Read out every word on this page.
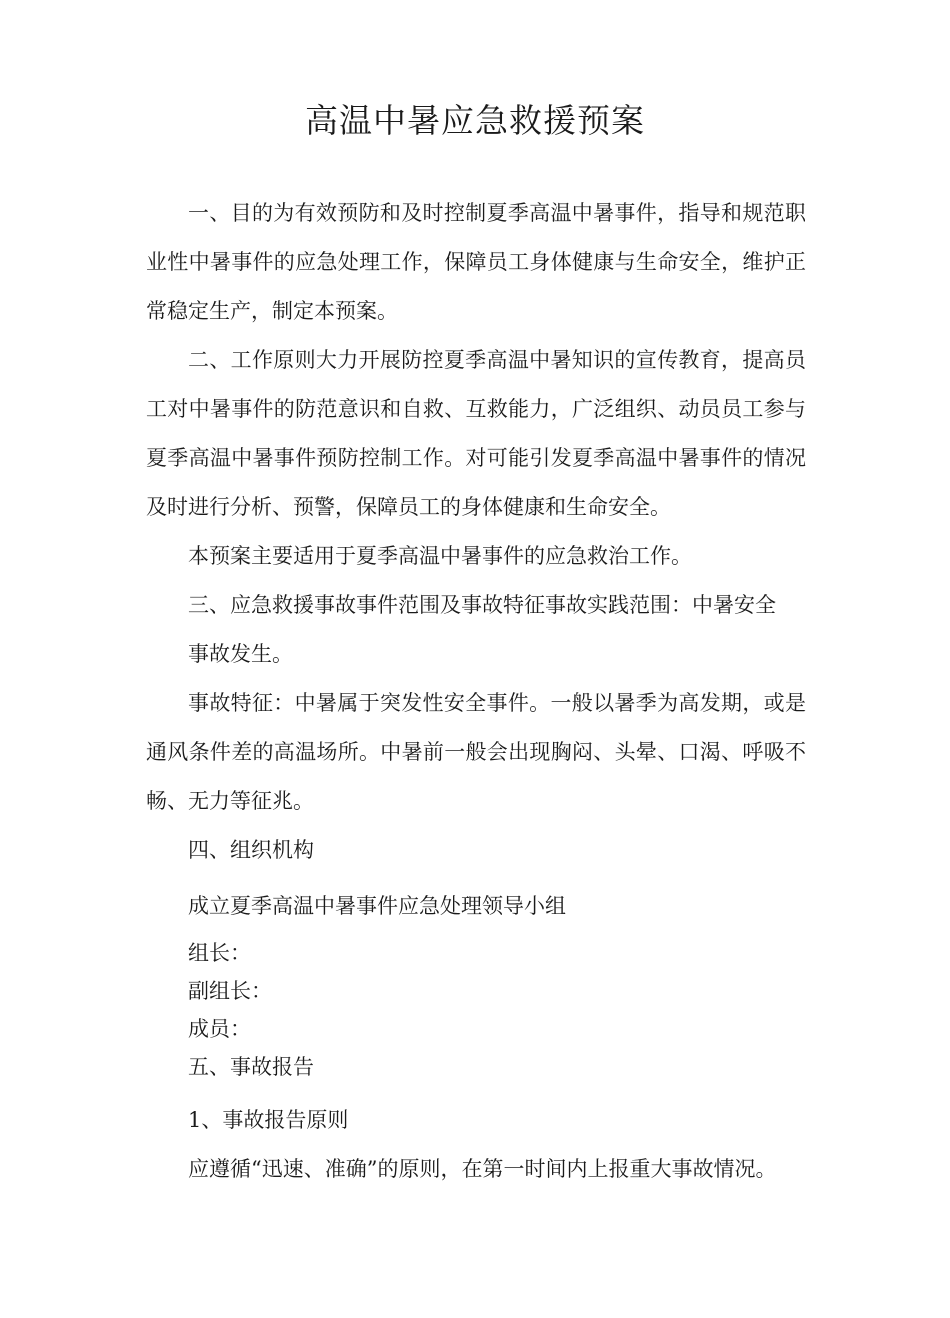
高温中暑应急救援预案

一、目的为有效预防和及时控制夏季高温中暑事件，指导和规范职业性中暑事件的应急处理工作，保障员工身体健康与生命安全，维护正常稳定生产，制定本预案。

二、工作原则大力开展防控夏季高温中暑知识的宣传教育，提高员工对中暑事件的防范意识和自救、互救能力，广泛组织、动员员工参与夏季高温中暑事件预防控制工作。对可能引发夏季高温中暑事件的情况及时进行分析、预警，保障员工的身体健康和生命安全。

本预案主要适用于夏季高温中暑事件的应急救治工作。

三、应急救援事故事件范围及事故特征事故实践范围：中暑安全

事故发生。

事故特征：中暑属于突发性安全事件。一般以暑季为高发期，或是通风条件差的高温场所。中暑前一般会出现胸闷、头晕、口渴、呼吸不畅、无力等征兆。

四、组织机构

成立夏季高温中暑事件应急处理领导小组

组长：

副组长：

成员：

五、事故报告

1、事故报告原则

应遵循“迅速、准确”的原则，在第一时间内上报重大事故情况。
